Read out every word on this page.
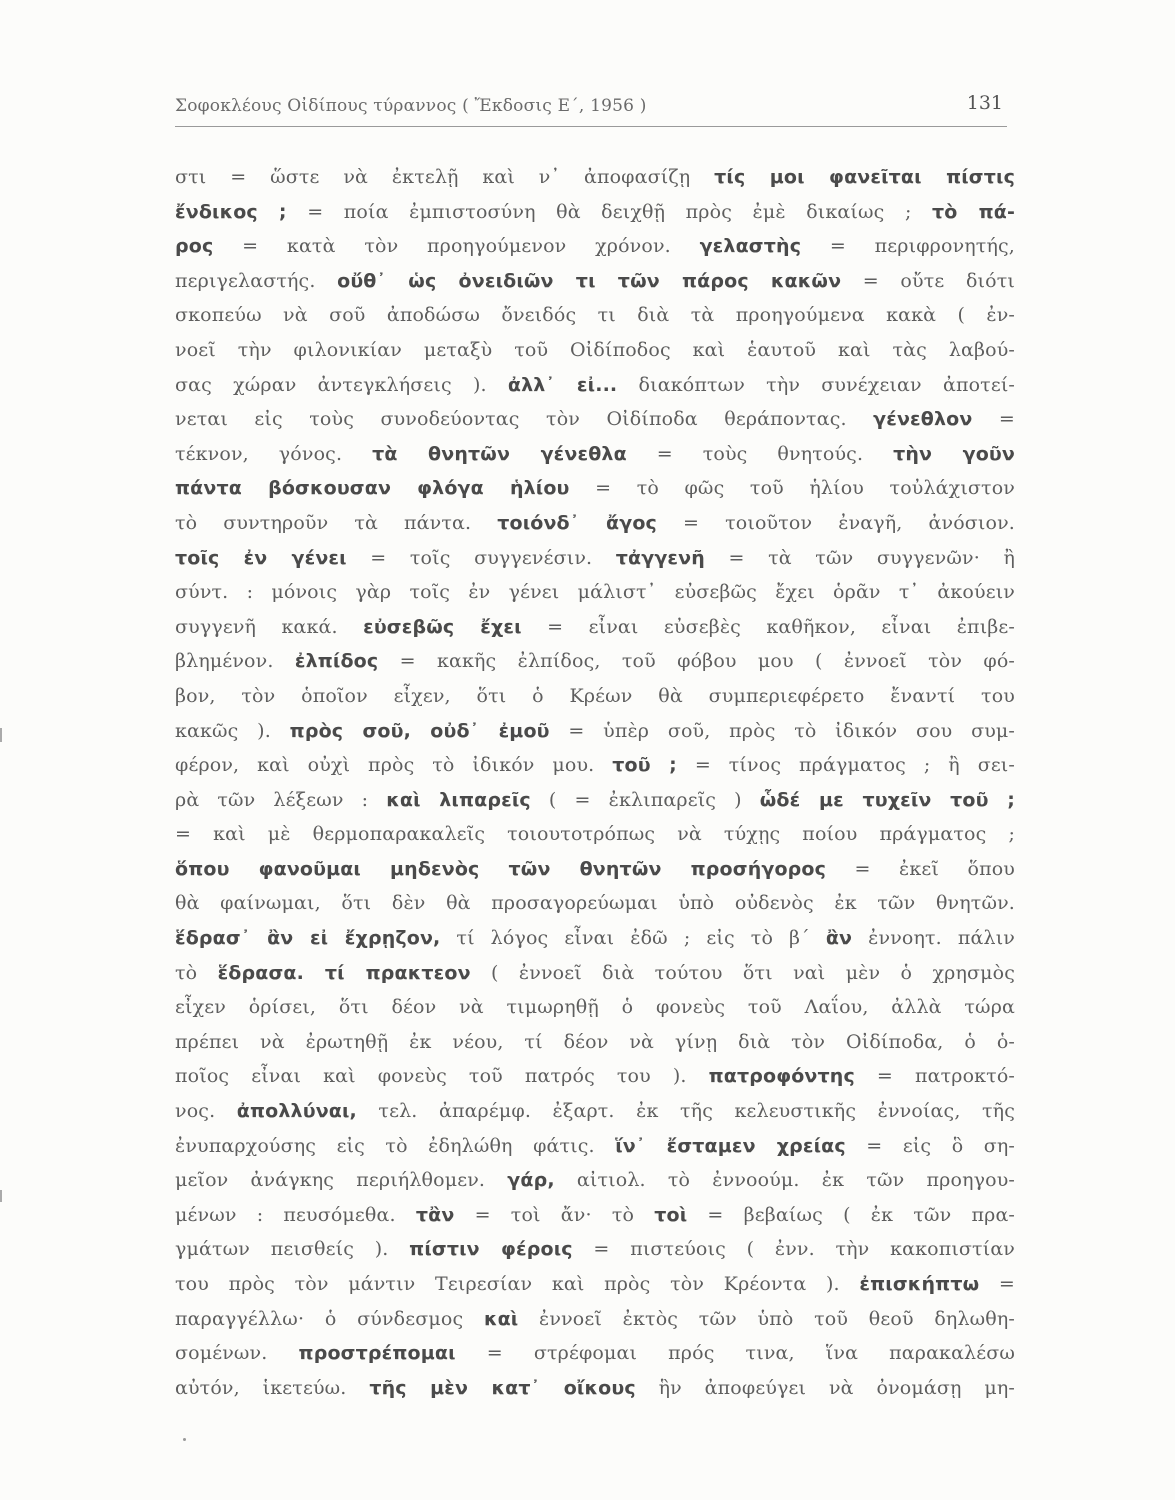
Σοφοκλέους Οἰδίπους τύραννος ( Ἔκδοσις Ε΄, 1956 )	131
στι = ὥστε νὰ ἐκτελῇ καὶ ν᾽ ἀποφασίζῃ τίς μοι φανεῖται πίστις
ἔνδικος ; = ποία ἐμπιστοσύνη θὰ δειχθῇ πρὸς ἐμὲ δικαίως ; τὸ πά-
ρος = κατὰ τὸν προηγούμενον χρόνον. γελαστὴς = περιφρονητής,
περιγελαστής. οὔθ᾽ ὡς ὀνειδιῶν τι τῶν πάρος κακῶν = οὔτε διότι
σκοπεύω νὰ σοῦ ἀποδώσω ὄνειδός τι διὰ τὰ προηγούμενα κακὰ ( ἐν-
νοεῖ τὴν φιλονικίαν μεταξὺ τοῦ Οἰδίποδος καὶ ἑαυτοῦ καὶ τὰς λαβού-
σας χώραν ἀντεγκλήσεις ). ἀλλ᾽ εἰ... διακόπτων τὴν συνέχειαν ἀποτεί-
νεται εἰς τοὺς συνοδεύοντας τὸν Οἰδίποδα θεράποντας. γένεθλον =
τέκνον, γόνος. τὰ θνητῶν γένεθλα = τοὺς θνητούς. τὴν γοῦν
πάντα βόσκουσαν φλόγα ἡλίου = τὸ φῶς τοῦ ἡλίου τοὐλάχιστον
τὸ συντηροῦν τὰ πάντα. τοιόνδ᾽ ἄγος = τοιοῦτον ἐναγῆ, ἀνόσιον.
τοῖς ἐν γένει = τοῖς συγγενέσιν. τἀγγενῆ = τὰ τῶν συγγενῶν· ἢ
σύντ. : μόνοις γὰρ τοῖς ἐν γένει μάλιστ᾽ εὐσεβῶς ἔχει ὁρᾶν τ᾽ ἀκούειν
συγγενῆ κακά. εὐσεβῶς ἔχει = εἶναι εὐσεβὲς καθῆκον, εἶναι ἐπιβε-
βλημένον. ἐλπίδος = κακῆς ἐλπίδος, τοῦ φόβου μου ( ἐννοεῖ τὸν φό-
βον, τὸν ὁποῖον εἶχεν, ὅτι ὁ Κρέων θὰ συμπεριεφέρετο ἔναντί του
κακῶς ). πρὸς σοῦ, οὐδ᾽ ἐμοῦ = ὑπὲρ σοῦ, πρὸς τὸ ἰδικόν σου συμ-
φέρον, καὶ οὐχὶ πρὸς τὸ ἰδικόν μου. τοῦ ; = τίνος πράγματος ; ἢ σει-
ρὰ τῶν λέξεων : καὶ λιπαρεῖς ( = ἐκλιπαρεῖς ) ὧδέ με τυχεῖν τοῦ ;
= καὶ μὲ θερμοπαρακαλεῖς τοιουτοτρόπως νὰ τύχῃς ποίου πράγματος ;
ὅπου φανοῦμαι μηδενὸς τῶν θνητῶν προσήγορος = ἐκεῖ ὅπου
θὰ φαίνωμαι, ὅτι δὲν θὰ προσαγορεύωμαι ὑπὸ οὐδενὸς ἐκ τῶν θνητῶν.
ἕδρασ᾽ ἂν εἰ ἔχρῃζον, τί λόγος εἶναι ἐδῶ ; εἰς τὸ β΄ ἂν ἐννοητ. πάλιν
τὸ ἕδρασα. τί πρακτεον ( ἐννοεῖ διὰ τούτου ὅτι ναὶ μὲν ὁ χρησμὸς
εἶχεν ὁρίσει, ὅτι δέον νὰ τιμωρηθῇ ὁ φονεὺς τοῦ Λαΐου, ἀλλὰ τώρα
πρέπει νὰ ἐρωτηθῇ ἐκ νέου, τί δέον νὰ γίνῃ διὰ τὸν Οἰδίποδα, ὁ ὁ-
ποῖος εἶναι καὶ φονεὺς τοῦ πατρός του ). πατροφόντης = πατροκτό-
νος. ἀπολλύναι, τελ. ἀπαρέμφ. ἐξαρτ. ἐκ τῆς κελευστικῆς ἐννοίας, τῆς
ἐνυπαρχούσης εἰς τὸ ἐδηλώθη φάτις. ἵν᾽ ἔσταμεν χρείας = εἰς ὃ ση-
μεῖον ἀνάγκης περιήλθομεν. γάρ, αἰτιολ. τὸ ἐννοούμ. ἐκ τῶν προηγου-
μένων : πευσόμεθα. τἂν = τοὶ ἄν· τὸ τοὶ = βεβαίως ( ἐκ τῶν πρα-
γμάτων πεισθείς ). πίστιν φέροις = πιστεύοις ( ἐνν. τὴν κακοπιστίαν
του πρὸς τὸν μάντιν Τειρεσίαν καὶ πρὸς τὸν Κρέοντα ). ἐπισκήπτω =
παραγγέλλω· ὁ σύνδεσμος καὶ ἐννοεῖ ἐκτὸς τῶν ὑπὸ τοῦ θεοῦ δηλωθη-
σομένων. προστρέπομαι = στρέφομαι πρός τινα, ἵνα παρακαλέσω
αὐτόν, ἱκετεύω. τῆς μὲν κατ᾽ οἴκους ἣν ἀποφεύγει νὰ ὀνομάσῃ μη-
